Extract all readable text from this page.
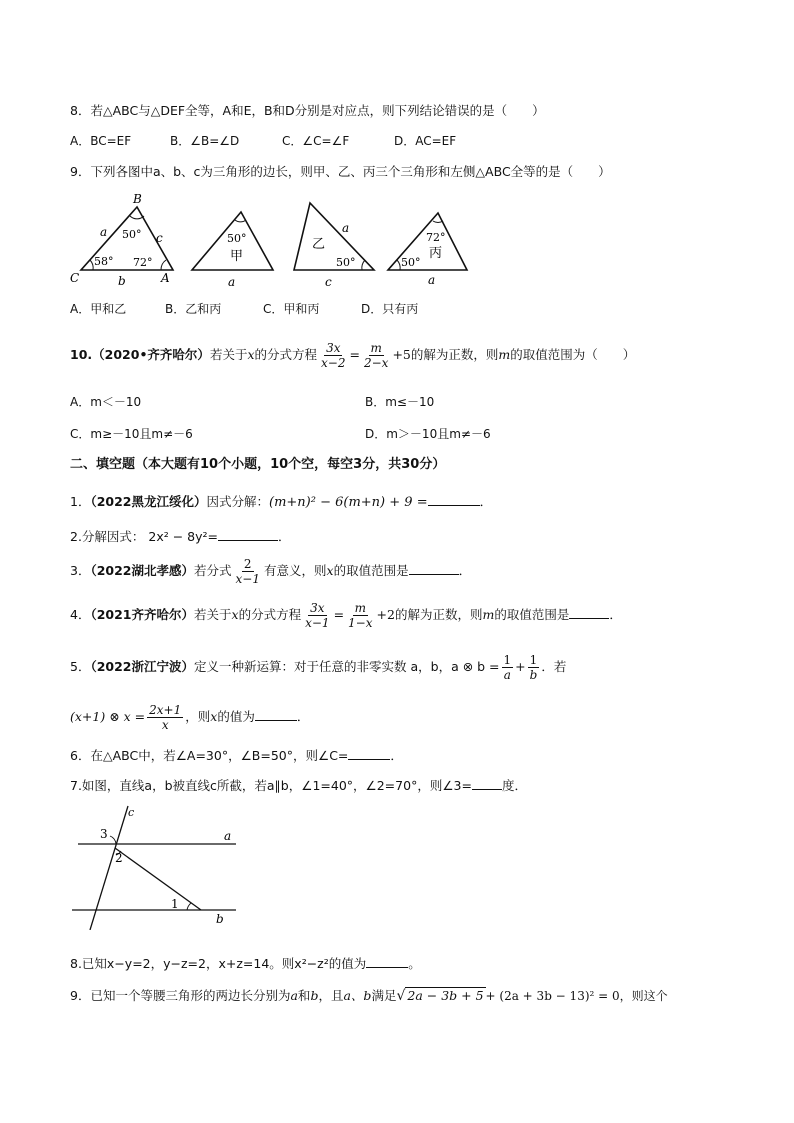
8．若△ABC与△DEF全等，A和E，B和D分别是对应点，则下列结论错误的是（　　）
A．BC=EF	B．∠B=∠D	C．∠C=∠F	D．AC=EF
9．下列各图中a、b、c为三角形的边长，则甲、乙、丙三个三角形和左侧△ABC全等的是（　　）
B
C	A
a	c
b
50°
58° 72°
50°
甲
a
乙
a
50°
c
72°
丙
50°
a
A．甲和乙	B．乙和丙	C．甲和丙	D．只有丙
10.（2020•齐齐哈尔）若关于x的分式方程 $\frac{3x}{x-2} = \frac{m}{2-x} +5$的解为正数，则m的取值范围为（　　）
A．m＜－10	B．m≤－10
C．m≥－10且m≠－6	D．m＞－10且m≠－6
二、填空题（本大题有10个小题，10个空，每空3分，共30分）
1．（2022黑龙江绥化）因式分解：(m+n)² − 6(m+n) + 9 =	．
2.分解因式： 2x² − 8y²=	．
3．（2022湖北孝感）若分式 $\frac{2}{x-1}$ 有意义，则x的取值范围是	．
4．（2021齐齐哈尔）若关于x的分式方程 $\frac{3x}{x-1} = \frac{m}{1-x} +2$的解为正数，则m的取值范围是	．
5．（2022浙江宁波）定义一种新运算：对于任意的非零实数 a，b，a ⊗ $b = \frac{1}{a} + \frac{1}{b}$ ．若
(x+1) ⊗ $x = \frac{2x+1}{x}$ ，则x的值为	．
6．在△ABC中，若∠A=30°，∠B=50°，则∠C=	．
7.如图，直线a，b被直线c所截，若a∥b，∠1=40°，∠2=70°，则∠3= 度．
c
a
b
3
2
1
8.已知x−y=2，y−z=2，x+z=14。则x²−z²的值为	。
9．已知一个等腰三角形的两边长分别为a和b，且a、b满足√ 2a − 3b + 5 + (2a + 3b − 13)² = 0，则这个
